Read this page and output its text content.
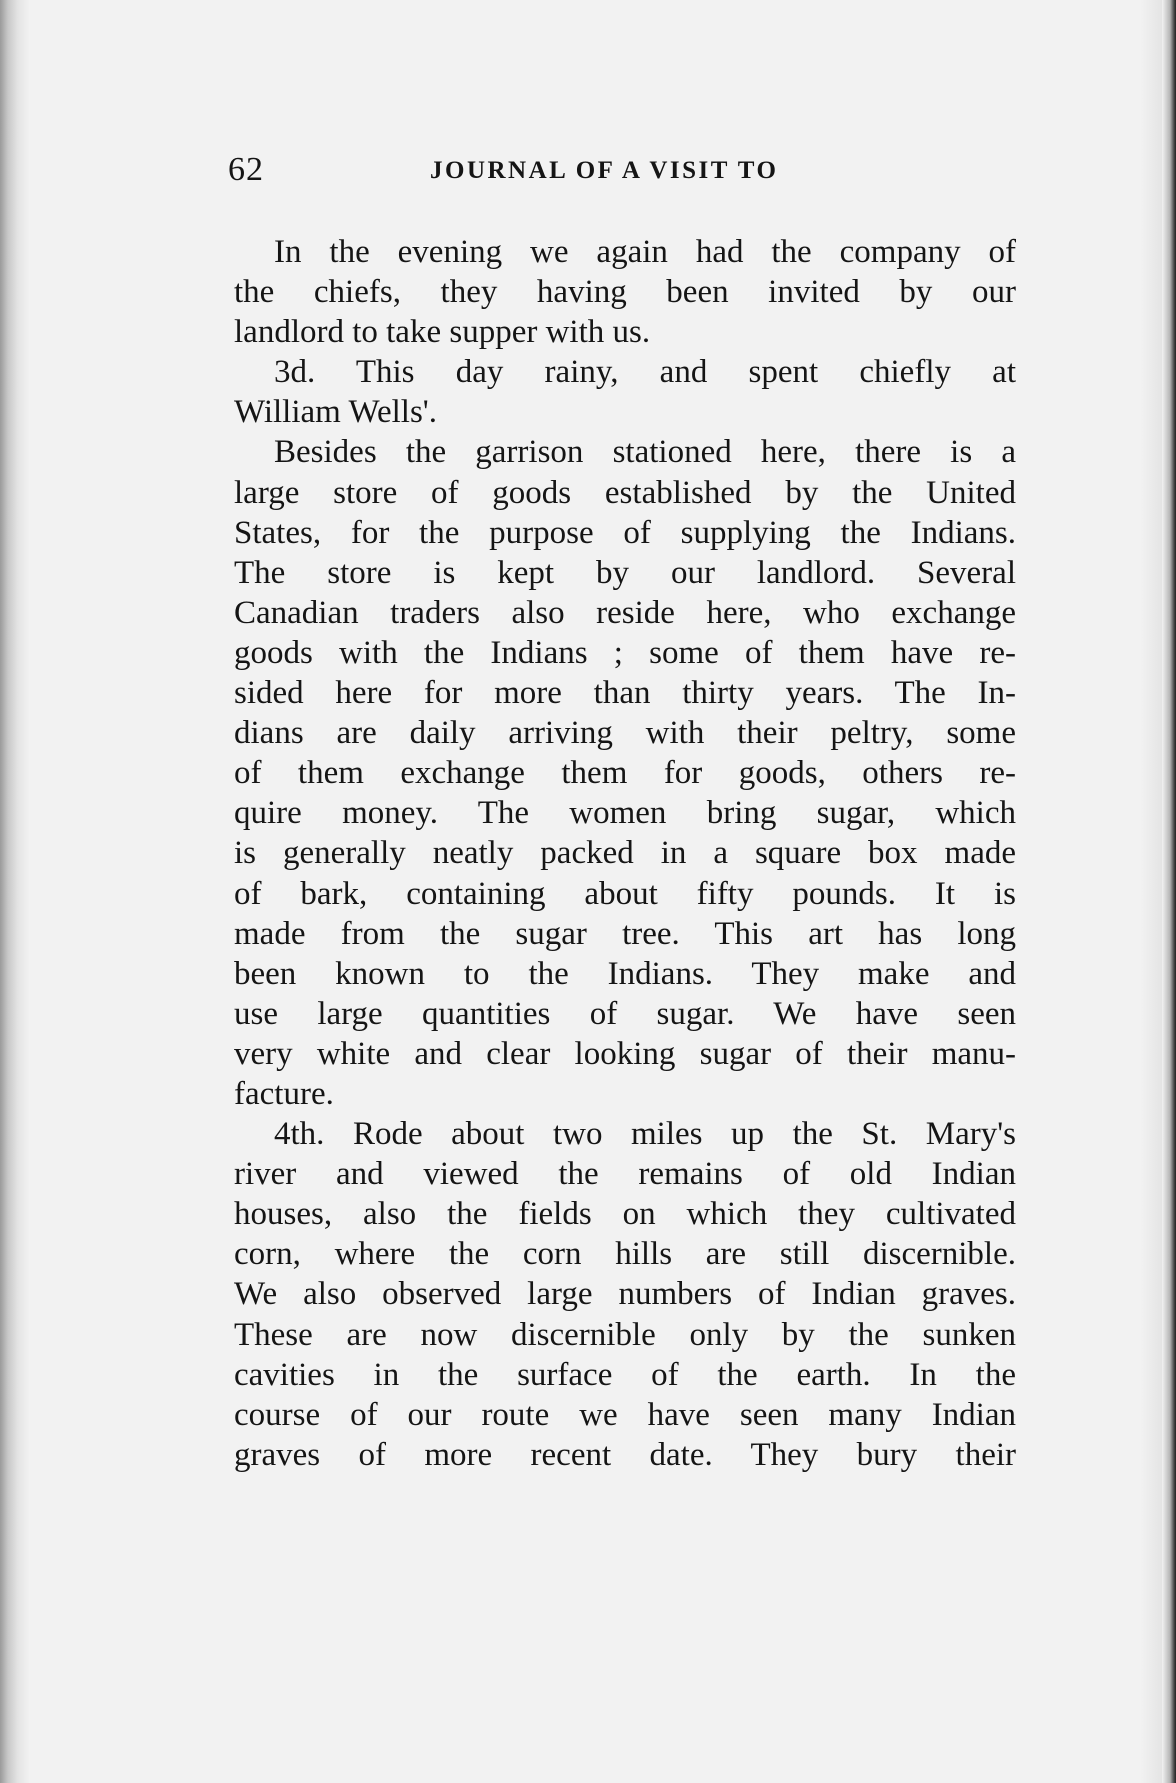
62	JOURNAL OF A VISIT TO
In the evening we again had the company of
the chiefs, they having been invited by our
landlord to take supper with us.
3d. This day rainy, and spent chiefly at
William Wells'.
Besides the garrison stationed here, there is a
large store of goods established by the United
States, for the purpose of supplying the Indians.
The store is kept by our landlord. Several
Canadian traders also reside here, who exchange
goods with the Indians ; some of them have re-
sided here for more than thirty years. The In-
dians are daily arriving with their peltry, some
of them exchange them for goods, others re-
quire money. The women bring sugar, which
is generally neatly packed in a square box made
of bark, containing about fifty pounds. It is
made from the sugar tree. This art has long
been known to the Indians. They make and
use large quantities of sugar. We have seen
very white and clear looking sugar of their manu-
facture.
4th. Rode about two miles up the St. Mary's
river and viewed the remains of old Indian
houses, also the fields on which they cultivated
corn, where the corn hills are still discernible.
We also observed large numbers of Indian graves.
These are now discernible only by the sunken
cavities in the surface of the earth. In the
course of our route we have seen many Indian
graves of more recent date. They bury their
